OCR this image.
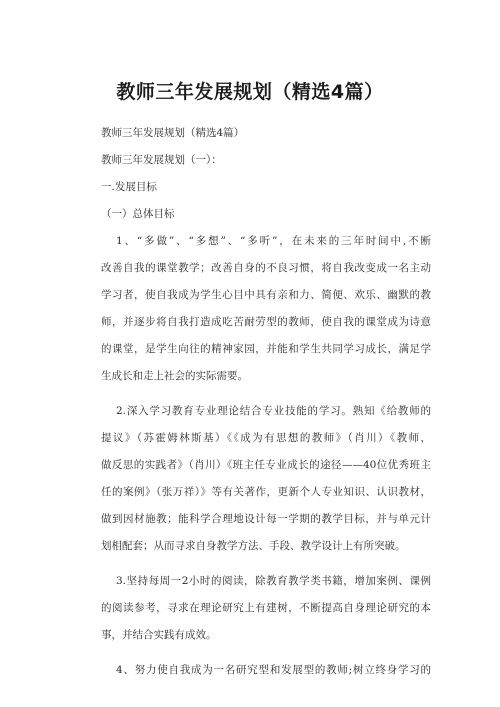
教师三年发展规划（精选4篇）
教师三年发展规划（精选4篇）
教师三年发展规划（一）：
一.发展目标
（一）总体目标
1、“多做”、“多想”、“多听”，在未来的三年时间中,不断
改善自我的课堂教学；改善自身的不良习惯，将自我改变成一名主动
学习者，使自我成为学生心目中具有亲和力、简便、欢乐、幽默的教
师，并逐步将自我打造成吃苦耐劳型的教师，使自我的课堂成为诗意
的课堂，是学生向往的精神家园，并能和学生共同学习成长，满足学
生成长和走上社会的实际需要。
2.深入学习教育专业理论结合专业技能的学习。熟知《给教师的
提议》（苏霍姆林斯基）《《成为有思想的教师》（肖川）《教师，
做反思的实践者》（肖川）《班主任专业成长的途径——40位优秀班主
任的案例》（张万祥）》等有关著作，更新个人专业知识、认识教材，
做到因材施教；能科学合理地设计每一学期的教学目标，并与单元计
划相配套；从而寻求自身教学方法、手段、教学设计上有所突破。
3.坚持每周一2小时的阅读，除教育教学类书籍，增加案例、课例
的阅读参考，寻求在理论研究上有建树，不断提高自身理论研究的本
事，并结合实践有成效。
4、努力使自我成为一名研究型和发展型的教师;树立终身学习的
